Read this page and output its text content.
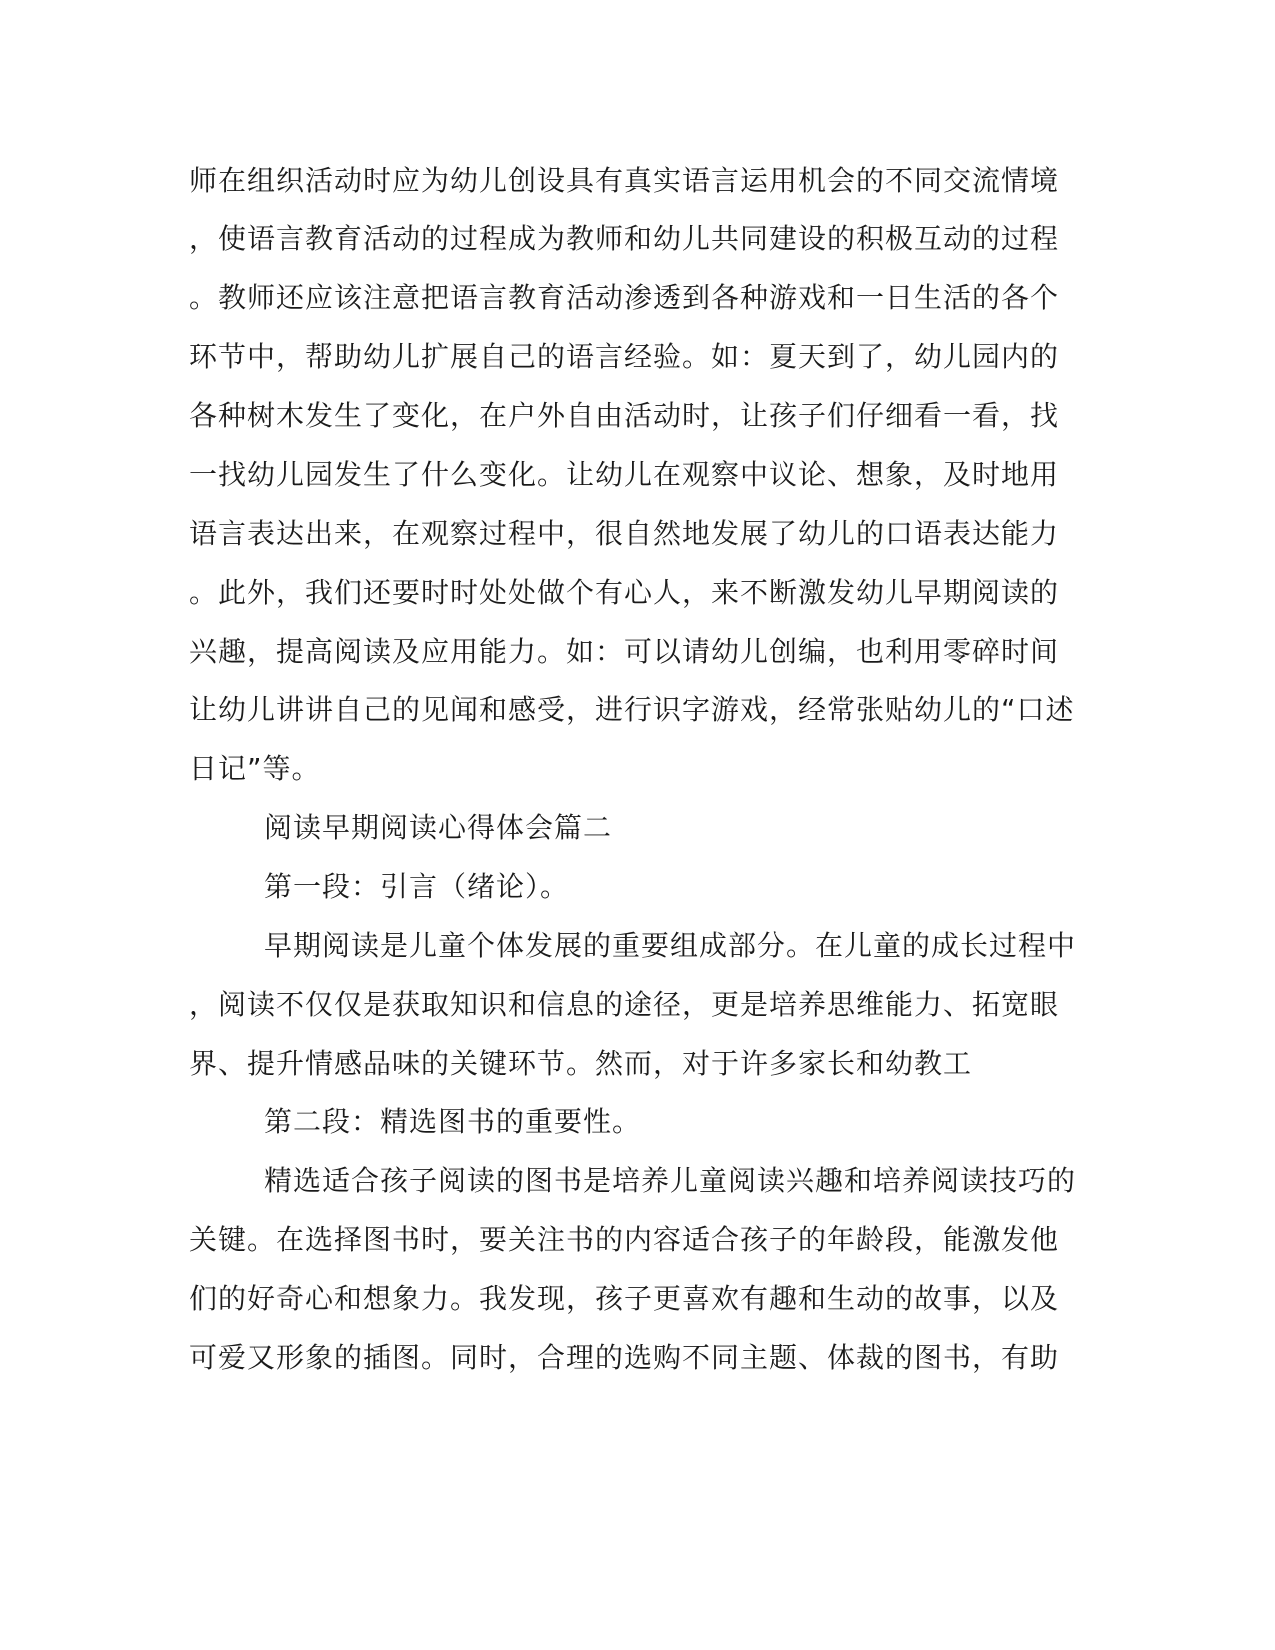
师在组织活动时应为幼儿创设具有真实语言运用机会的不同交流情境
，使语言教育活动的过程成为教师和幼儿共同建设的积极互动的过程
。教师还应该注意把语言教育活动渗透到各种游戏和一日生活的各个
环节中，帮助幼儿扩展自己的语言经验。如：夏天到了，幼儿园内的
各种树木发生了变化，在户外自由活动时，让孩子们仔细看一看，找
一找幼儿园发生了什么变化。让幼儿在观察中议论、想象，及时地用
语言表达出来，在观察过程中，很自然地发展了幼儿的口语表达能力
。此外，我们还要时时处处做个有心人，来不断激发幼儿早期阅读的
兴趣，提高阅读及应用能力。如：可以请幼儿创编，也利用零碎时间
让幼儿讲讲自己的见闻和感受，进行识字游戏，经常张贴幼儿的“口述
日记”等。
阅读早期阅读心得体会篇二
第一段：引言（绪论）。
早期阅读是儿童个体发展的重要组成部分。在儿童的成长过程中
，阅读不仅仅是获取知识和信息的途径，更是培养思维能力、拓宽眼
界、提升情感品味的关键环节。然而，对于许多家长和幼教工
第二段：精选图书的重要性。
精选适合孩子阅读的图书是培养儿童阅读兴趣和培养阅读技巧的
关键。在选择图书时，要关注书的内容适合孩子的年龄段，能激发他
们的好奇心和想象力。我发现，孩子更喜欢有趣和生动的故事，以及
可爱又形象的插图。同时，合理的选购不同主题、体裁的图书，有助
